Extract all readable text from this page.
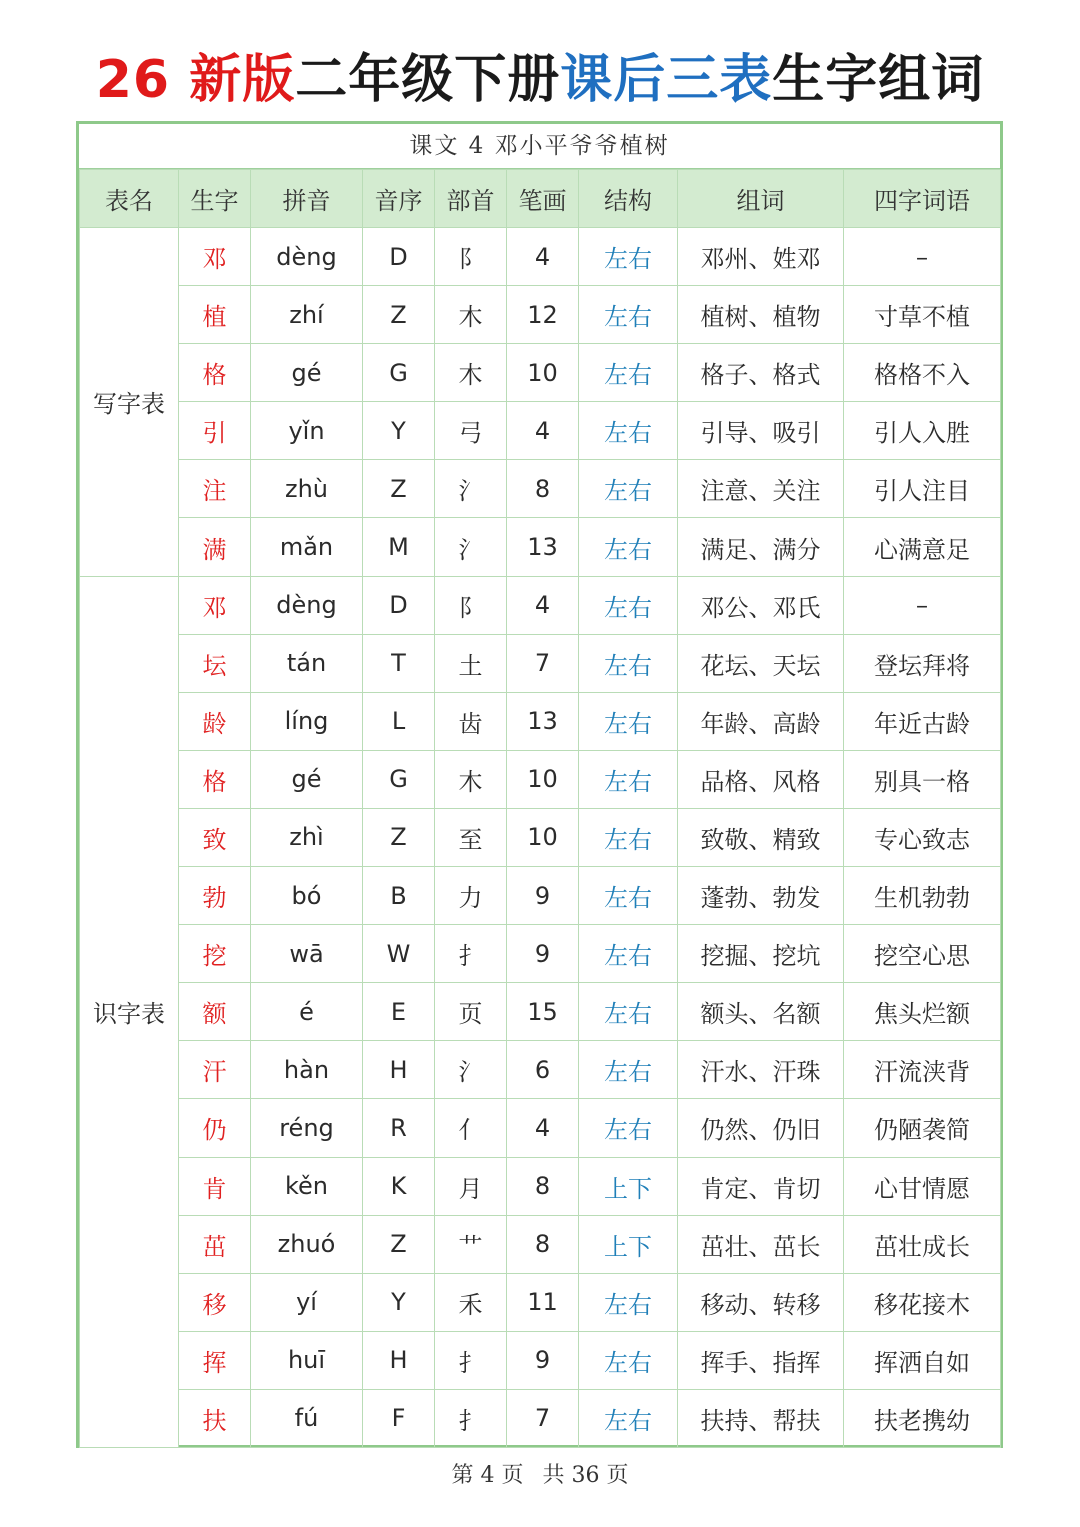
26 新版二年级下册课后三表生字组词
课文 4 邓小平爷爷植树
表名	生字	拼音	音序	部首	笔画	结构	组词	四字词语
写字表	邓	dèng	D	阝	4	左右	邓州、姓邓	–
	植	zhí	Z	木	12	左右	植树、植物	寸草不植
	格	gé	G	木	10	左右	格子、格式	格格不入
	引	yǐn	Y	弓	4	左右	引导、吸引	引人入胜
	注	zhù	Z	氵	8	左右	注意、关注	引人注目
	满	mǎn	M	氵	13	左右	满足、满分	心满意足
识字表	邓	dèng	D	阝	4	左右	邓公、邓氏	–
	坛	tán	T	土	7	左右	花坛、天坛	登坛拜将
	龄	líng	L	齿	13	左右	年龄、高龄	年近古龄
	格	gé	G	木	10	左右	品格、风格	别具一格
	致	zhì	Z	至	10	左右	致敬、精致	专心致志
	勃	bó	B	力	9	左右	蓬勃、勃发	生机勃勃
	挖	wā	W	扌	9	左右	挖掘、挖坑	挖空心思
	额	é	E	页	15	左右	额头、名额	焦头烂额
	汗	hàn	H	氵	6	左右	汗水、汗珠	汗流浃背
	仍	réng	R	亻	4	左右	仍然、仍旧	仍陋袭简
	肯	kěn	K	月	8	上下	肯定、肯切	心甘情愿
	茁	zhuó	Z	艹	8	上下	茁壮、茁长	茁壮成长
	移	yí	Y	禾	11	左右	移动、转移	移花接木
	挥	huī	H	扌	9	左右	挥手、指挥	挥洒自如
	扶	fú	F	扌	7	左右	扶持、帮扶	扶老携幼
第 4 页 共 36 页
